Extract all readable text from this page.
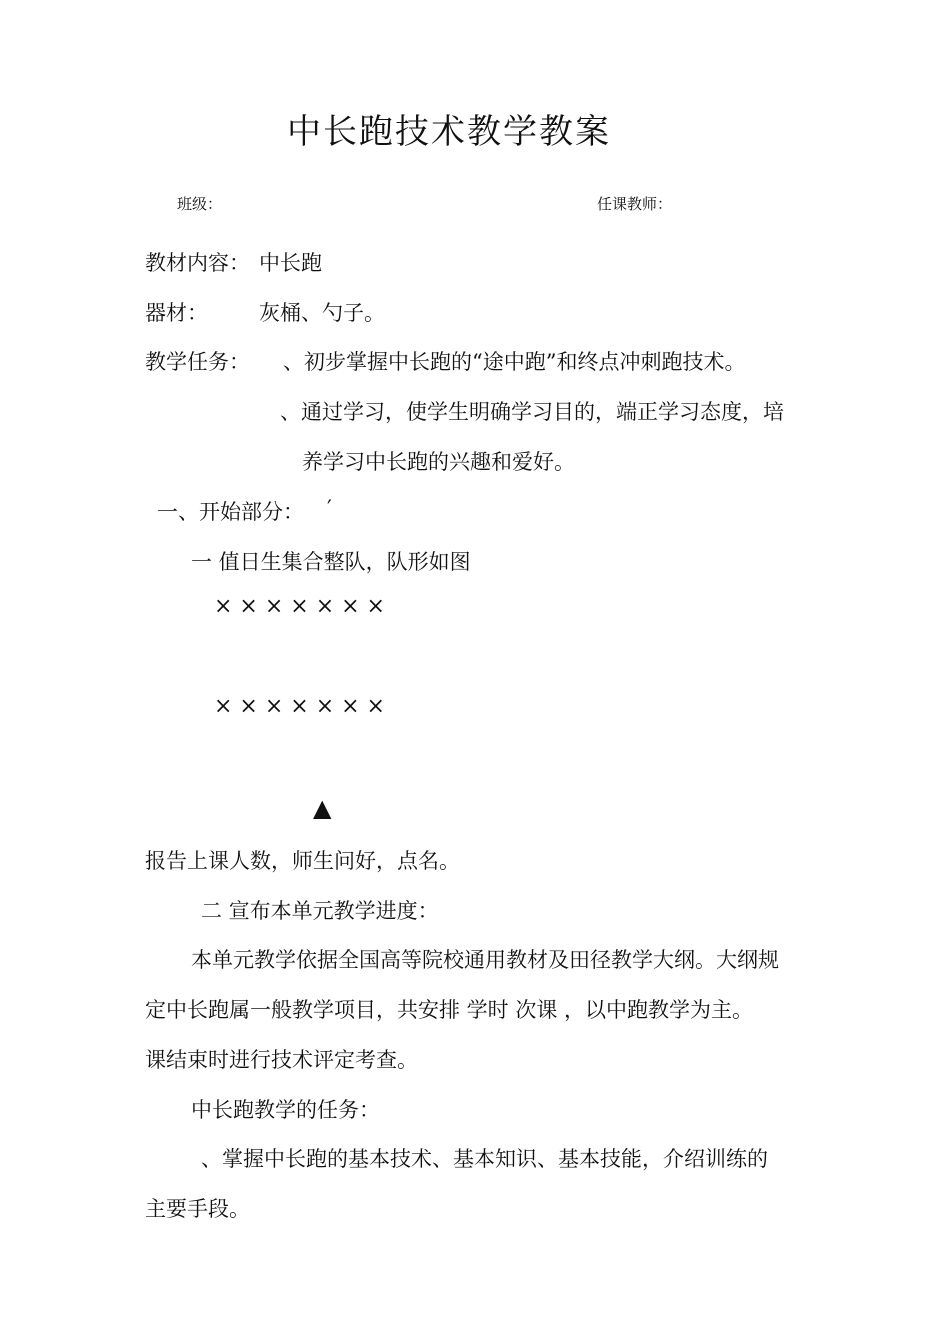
中长跑技术教学教案
班级：	任课教师：
教材内容： 中长跑
器材： 灰桶、勺子。
教学任务： 、初步掌握中长跑的“途中跑”和终点冲刺跑技术。
、通过学习，使学生明确学习目的，端正学习态度，培
养学习中长跑的兴趣和爱好。
一、开始部分： ′
一 值日生集合整队，队形如图
× × × × × × ×
× × × × × × ×
▲
报告上课人数，师生问好，点名。
二 宣布本单元教学进度：
本单元教学依据全国高等院校通用教材及田径教学大纲。大纲规
定中长跑属一般教学项目，共安排 学时 次课 ，以中跑教学为主。
课结束时进行技术评定考查。
中长跑教学的任务：
、掌握中长跑的基本技术、基本知识、基本技能，介绍训练的
主要手段。
